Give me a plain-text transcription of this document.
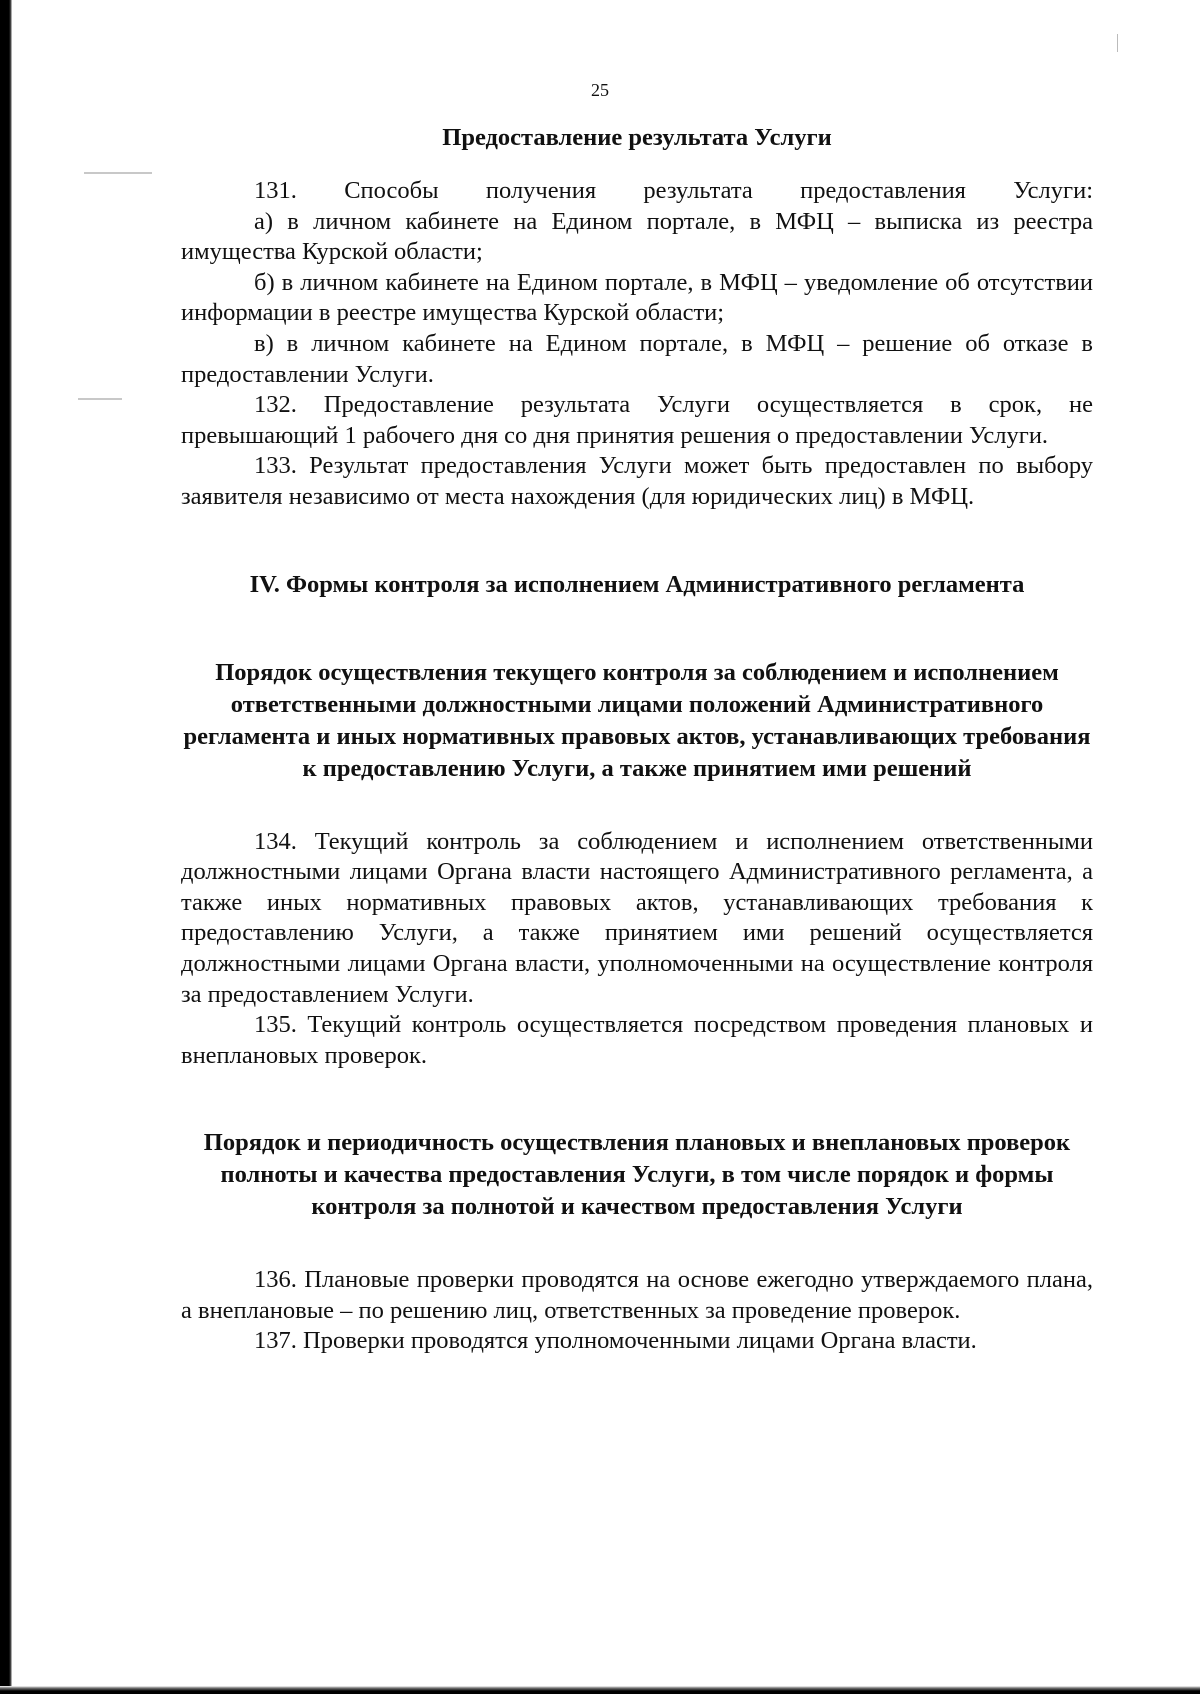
25
Предоставление результата Услуги

131. Способы получения результата предоставления Услуги:

а) в личном кабинете на Едином портале, в МФЦ – выписка из реестра имущества Курской области;

б) в личном кабинете на Едином портале, в МФЦ – уведомление об отсутствии информации в реестре имущества Курской области;

в) в личном кабинете на Едином портале, в МФЦ – решение об отказе в предоставлении Услуги.

132. Предоставление результата Услуги осуществляется в срок, не превышающий 1 рабочего дня со дня принятия решения о предоставлении Услуги.

133. Результат предоставления Услуги может быть предоставлен по выбору заявителя независимо от места нахождения (для юридических лиц) в МФЦ.

IV. Формы контроля за исполнением Административного регламента
Порядок осуществления текущего контроля за соблюдением и исполнением ответственными должностными лицами положений Административного регламента и иных нормативных правовых актов, устанавливающих требования к предоставлению Услуги, а также принятием ими решений

134. Текущий контроль за соблюдением и исполнением ответственными должностными лицами Органа власти настоящего Административного регламента, а также иных нормативных правовых актов, устанавливающих требования к предоставлению Услуги, а также принятием ими решений осуществляется должностными лицами Органа власти, уполномоченными на осуществление контроля за предоставлением Услуги.

135. Текущий контроль осуществляется посредством проведения плановых и внеплановых проверок.

Порядок и периодичность осуществления плановых и внеплановых проверок полноты и качества предоставления Услуги, в том числе порядок и формы контроля за полнотой и качеством предоставления Услуги

136. Плановые проверки проводятся на основе ежегодно утверждаемого плана, а внеплановые – по решению лиц, ответственных за проведение проверок.

137. Проверки проводятся уполномоченными лицами Органа власти.
